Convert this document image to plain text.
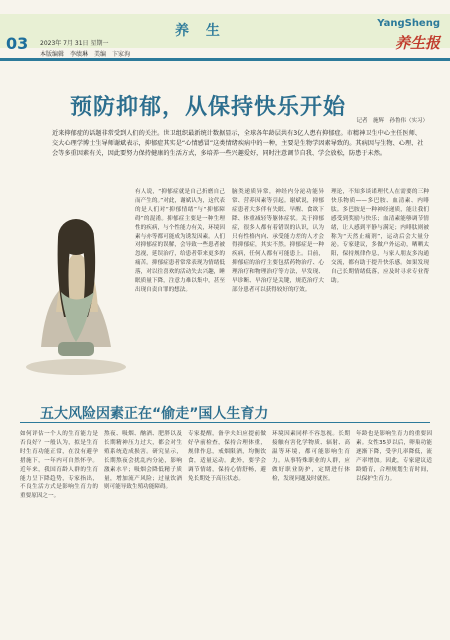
03 2023年 7月 31日 星期一
本版编辑　李绩琳　美编　卞家洵
养 生	YangSheng
养生报
预防抑郁，从保持快乐开始
记者　施辉　孙鲁伟（实习）
近来抑郁症的话题非常受到人们的关注。世卫组织最新统计数据显示，全球各年龄层共有3亿人患有抑郁症。市精神卫生中心主任医师、交大心理学博士生导师谢斌表示，抑郁症其实是“心情感冒”这类情绪疾病中的一种，主要是生物学因素导致的。其病因与生物、心理、社会等多重因素有关，因此要努力保持健康的生活方式，多培养一些兴趣爱好，同时注意调节自我、学会放松，防患于未然。
有人说，“抑郁症就是自己折磨自己而产生的。”对此，谢斌认为，这代表的是人们对“抑郁情绪”与“抑郁障碍”的混淆。抑郁症主要是一种生理性的疾病，与个性能力有关，环境因素与亦等都可能成为诱发因素。人们对抑郁症的误解，会导致一些患者被忽视，延误治疗，给患者带来更多的痛苦。抑郁症患者常常表现为情绪低落，对以往喜欢的活动失去兴趣，睡眠质量下降，注意力难以集中，甚至出现自责自罪的想法。
脑类递质异常，神经内分泌功能异常、营养因素等引起。谢斌说，抑郁症患者大多伴有失眠、早醒、食欲下降、体重减轻等躯体症状。关于抑郁症，很多人都有着错误的认识，认为只有性格内向、承受能力差的人才会得抑郁症，其实不然。抑郁症是一种疾病，任何人都有可能患上。目前，抑郁症的治疗主要包括药物治疗、心理治疗和物理治疗等方法，早发现、早诊断、早治疗是关键，规范治疗大部分患者可以获得较好的疗效。
理论，不知多谈诺理代人在需要的三种快乐物质——多巴胺、血清素、内啡肽。多巴胺是一种神经递质，能让我们感受到奖励与快乐；血清素能够调节情绪，让人感到平静与满足；内啡肽则被称为“天然止痛剂”，运动后会大量分泌。专家建议，多做户外运动，晒晒太阳，保持规律作息，与家人朋友多沟通交流，都有助于提升快乐感。如果发现自己长期情绪低落，应及时寻求专业帮助。
五大风险因素正在“偷走”国人生育力
如何评估一个人的生育能力是否良好？一般认为，拟是生育时生育功能正常，在没有避孕措施下，一年内可自然怀孕。近年来，我国育龄人群的生育能力呈下降趋势，专家指出，不良生活方式是影响生育力的重要原因之一。
熬夜、吸烟、酗酒、肥胖以及长期精神压力过大，都会对生殖系统造成损害。研究显示，长期熬夜会扰乱内分泌，影响激素水平；吸烟会降低精子质量，增加流产风险；过量饮酒则可能导致生殖功能障碍。
专家提醒，备孕夫妇应提前做好孕前检查，保持合理体重，规律作息，戒烟限酒，均衡饮食，适量运动。此外，要学会调节情绪，保持心情舒畅，避免长期处于高压状态。
环境因素同样不容忽视。长期接触有害化学物质、辐射、高温等环境，都可能影响生育力。从事特殊职业的人群，应做好职业防护，定期进行体检，发现问题及时就医。
年龄也是影响生育力的重要因素。女性35岁以后，卵巢功能逐渐下降，受孕几率降低，流产率增加。因此，专家建议适龄婚育，合理规划生育时间，以保护生育力。
